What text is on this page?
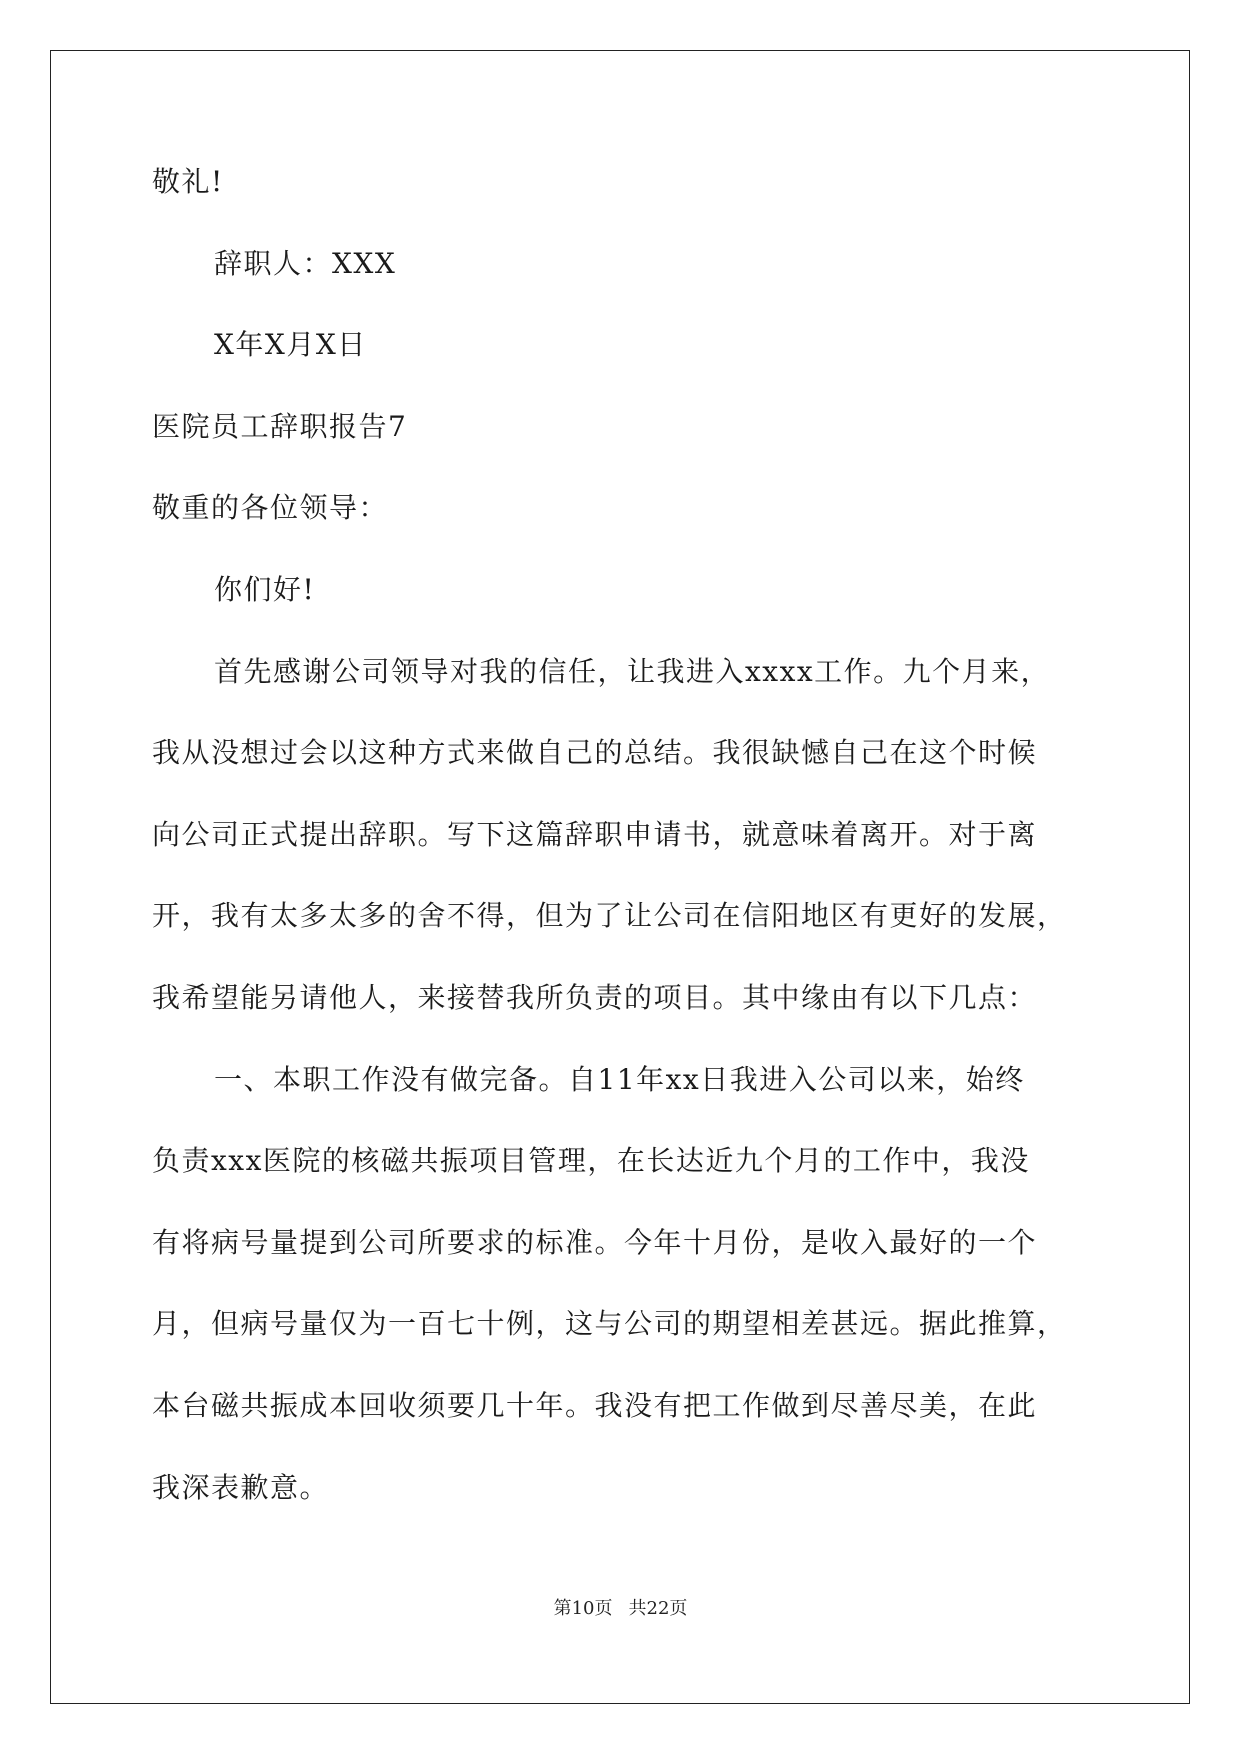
敬礼!
辞职人：XXX
X年X月X日
医院员工辞职报告7
敬重的各位领导：
你们好!
首先感谢公司领导对我的信任，让我进入xxxx工作。九个月来，
我从没想过会以这种方式来做自己的总结。我很缺憾自己在这个时候
向公司正式提出辞职。写下这篇辞职申请书，就意味着离开。对于离
开，我有太多太多的舍不得，但为了让公司在信阳地区有更好的发展，
我希望能另请他人，来接替我所负责的项目。其中缘由有以下几点：
一、本职工作没有做完备。自11年xx日我进入公司以来，始终
负责xxx医院的核磁共振项目管理，在长达近九个月的工作中，我没
有将病号量提到公司所要求的标准。今年十月份，是收入最好的一个
月，但病号量仅为一百七十例，这与公司的期望相差甚远。据此推算，
本台磁共振成本回收须要几十年。我没有把工作做到尽善尽美，在此
我深表歉意。
第10页 共22页
